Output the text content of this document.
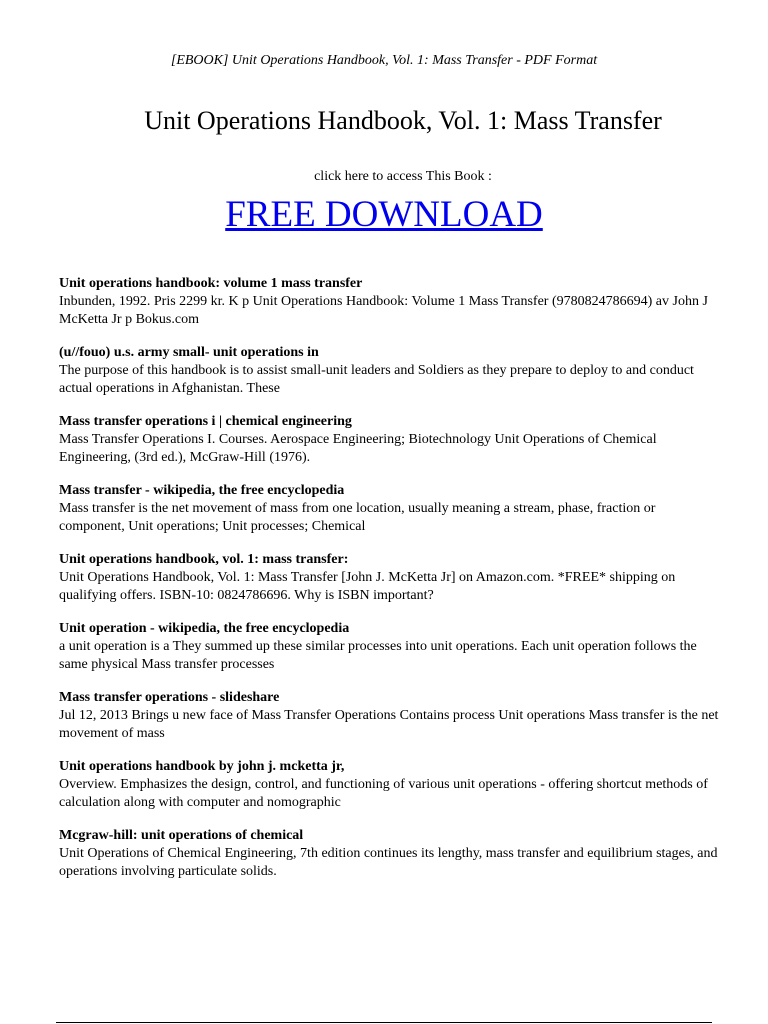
[EBOOK] Unit Operations Handbook, Vol. 1: Mass Transfer - PDF Format
Unit Operations Handbook, Vol. 1: Mass Transfer
click here to access This Book :
FREE DOWNLOAD
Unit operations handbook: volume 1 mass transfer
Inbunden, 1992. Pris 2299 kr. K p Unit Operations Handbook: Volume 1 Mass Transfer (9780824786694) av John J McKetta Jr p Bokus.com
(u//fouo) u.s. army small- unit operations in
The purpose of this handbook is to assist small-unit leaders and Soldiers as they prepare to deploy to and conduct actual operations in Afghanistan. These
Mass transfer operations i | chemical engineering
Mass Transfer Operations I. Courses. Aerospace Engineering; Biotechnology Unit Operations of Chemical Engineering, (3rd ed.), McGraw-Hill (1976).
Mass transfer - wikipedia, the free encyclopedia
Mass transfer is the net movement of mass from one location, usually meaning a stream, phase, fraction or component, Unit operations; Unit processes; Chemical
Unit operations handbook, vol. 1: mass transfer:
Unit Operations Handbook, Vol. 1: Mass Transfer [John J. McKetta Jr] on Amazon.com. *FREE* shipping on qualifying offers. ISBN-10: 0824786696. Why is ISBN important?
Unit operation - wikipedia, the free encyclopedia
a unit operation is a They summed up these similar processes into unit operations. Each unit operation follows the same physical Mass transfer processes
Mass transfer operations - slideshare
Jul 12, 2013 Brings u new face of Mass Transfer Operations Contains process Unit operations Mass transfer is the net movement of mass
Unit operations handbook by john j. mcketta jr,
Overview. Emphasizes the design, control, and functioning of various unit operations - offering shortcut methods of calculation along with computer and nomographic
Mcgraw-hill: unit operations of chemical
Unit Operations of Chemical Engineering, 7th edition continues its lengthy, mass transfer and equilibrium stages, and operations involving particulate solids.
